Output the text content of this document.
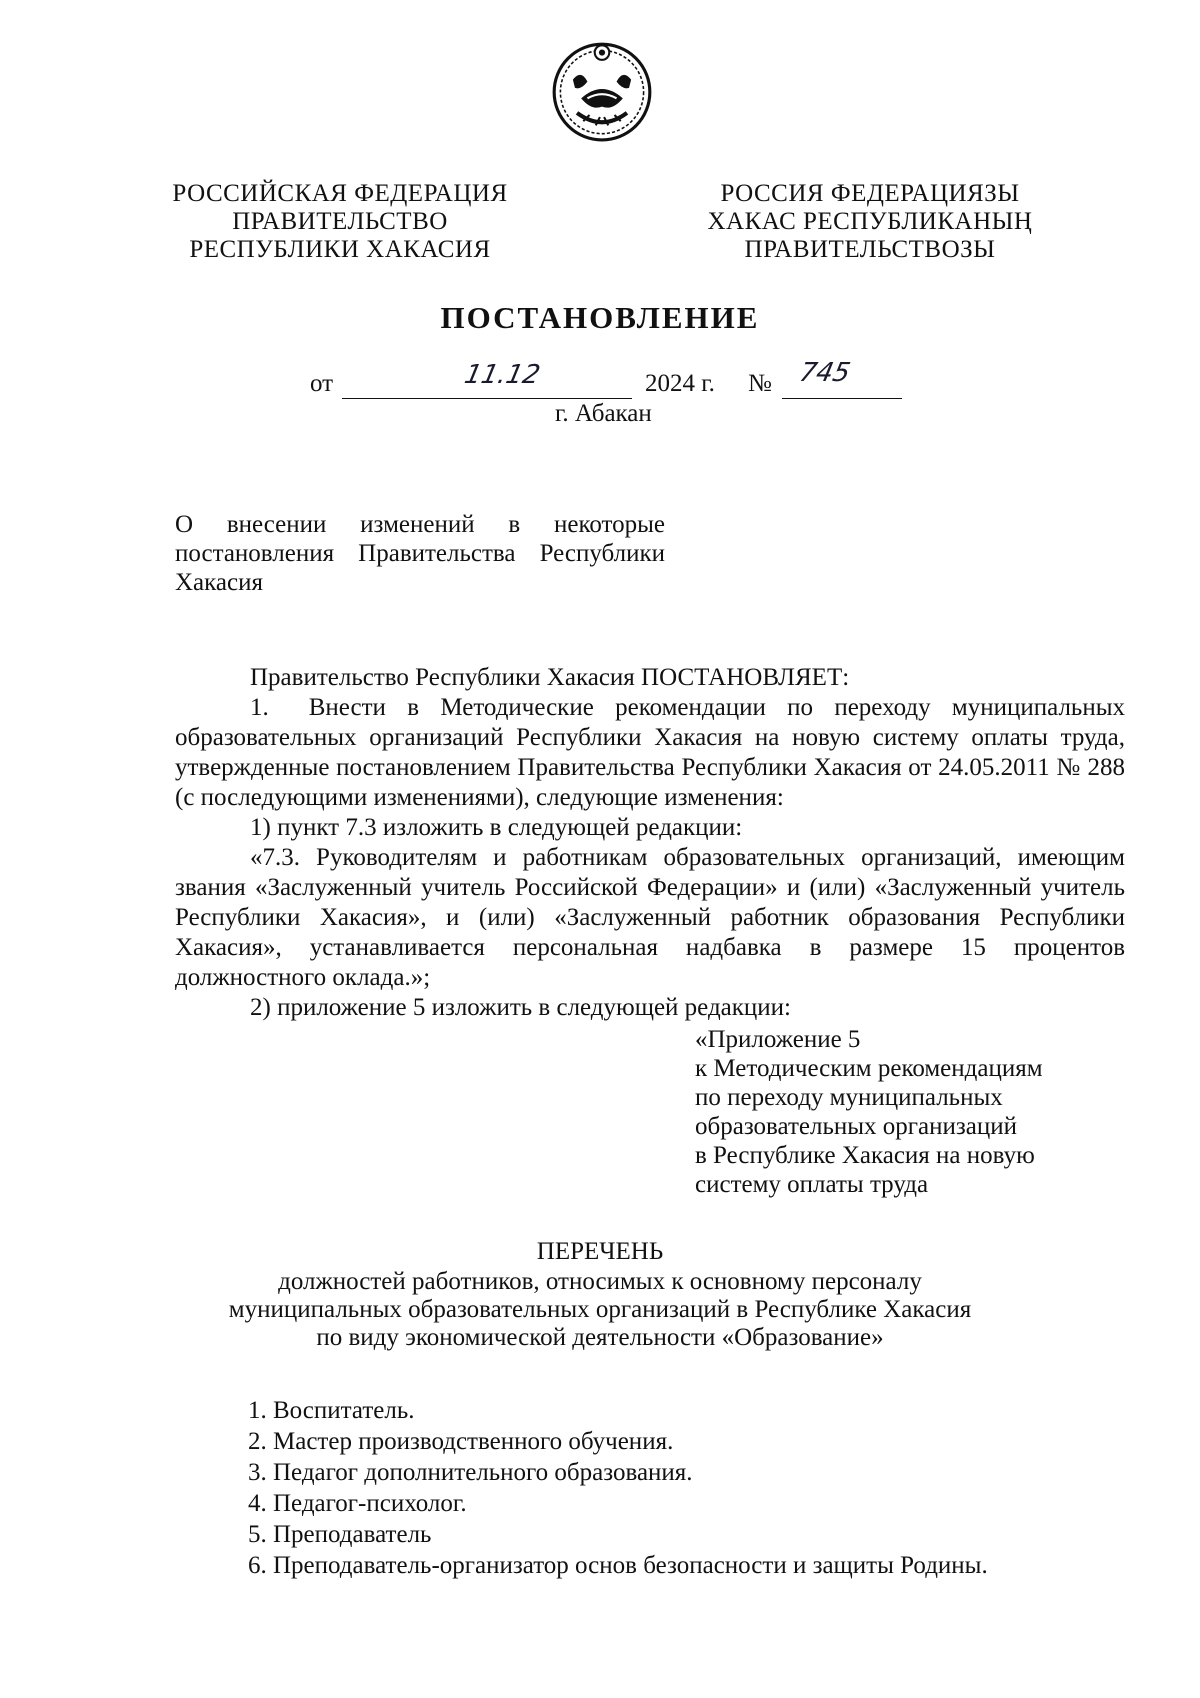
РОССИЙСКАЯ ФЕДЕРАЦИЯ
ПРАВИТЕЛЬСТВО
РЕСПУБЛИКИ ХАКАСИЯ
РОССИЯ ФЕДЕРАЦИЯЗЫ
ХАКАС РЕСПУБЛИКАНЫҢ
ПРАВИТЕЛЬСТВОЗЫ
ПОСТАНОВЛЕНИЕ
от	11.12	2024 г. № 745
г. Абакан

О внесении изменений в некоторые постановления Правительства Республики Хакасия

Правительство Республики Хакасия ПОСТАНОВЛЯЕТ:

1. Внести в Методические рекомендации по переходу муниципальных образовательных организаций Республики Хакасия на новую систему оплаты труда, утвержденные постановлением Правительства Республики Хакасия от 24.05.2011 № 288 (с последующими изменениями), следующие изменения:

1) пункт 7.3 изложить в следующей редакции:

«7.3. Руководителям и работникам образовательных организаций, имеющим звания «Заслуженный учитель Российской Федерации» и (или) «Заслуженный учитель Республики Хакасия», и (или) «Заслуженный работник образования Республики Хакасия», устанавливается персональная надбавка в размере 15 процентов должностного оклада.»;

2) приложение 5 изложить в следующей редакции:

«Приложение 5
к Методическим рекомендациям
по переходу муниципальных
образовательных организаций
в Республике Хакасия на новую
систему оплаты труда
ПЕРЕЧЕНЬ
должностей работников, относимых к основному персоналу
муниципальных образовательных организаций в Республике Хакасия
по виду экономической деятельности «Образование»
1. Воспитатель.
2. Мастер производственного обучения.
3. Педагог дополнительного образования.
4. Педагог-психолог.
5. Преподаватель
6. Преподаватель-организатор основ безопасности и защиты Родины.
